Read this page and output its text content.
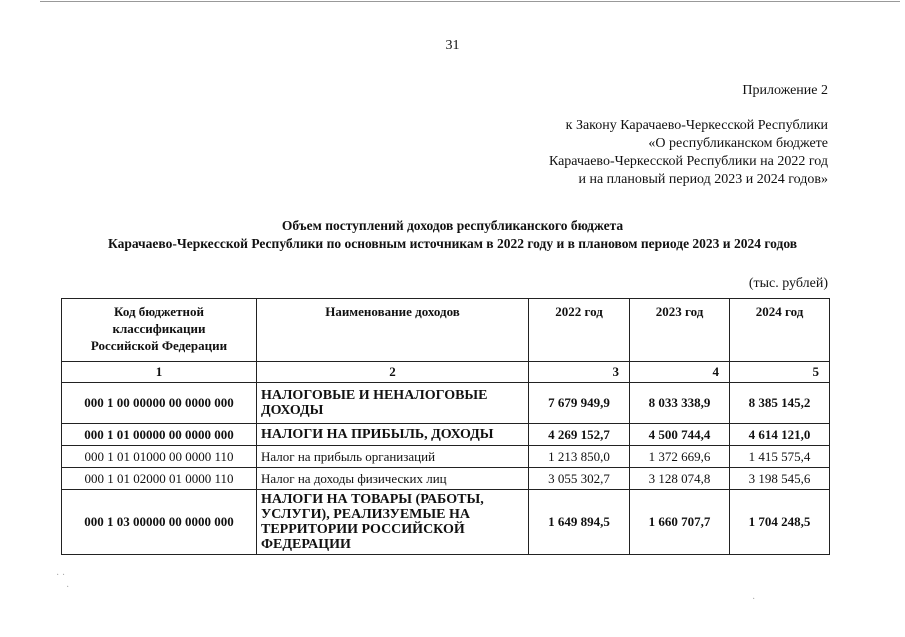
31
Приложение 2
к Закону Карачаево-Черкесской Республики
«О республиканском бюджете
Карачаево-Черкесской Республики на 2022 год
и на плановый период 2023 и 2024 годов»
Объем поступлений доходов республиканского бюджета
Карачаево-Черкесской Республики по основным источникам в 2022 году и в плановом периоде 2023 и 2024 годов
(тыс. рублей)
Код бюджетной классификации Российской Федерации	Наименование доходов	2022 год	2023 год	2024 год
1	2	3	4	5
000 1 00 00000 00 0000 000	НАЛОГОВЫЕ И НЕНАЛОГОВЫЕ ДОХОДЫ	7 679 949,9	8 033 338,9	8 385 145,2
000 1 01 00000 00 0000 000	НАЛОГИ НА ПРИБЫЛЬ, ДОХОДЫ	4 269 152,7	4 500 744,4	4 614 121,0
000 1 01 01000 00 0000 110	Налог на прибыль организаций	1 213 850,0	1 372 669,6	1 415 575,4
000 1 01 02000 01 0000 110	Налог на доходы физических лиц	3 055 302,7	3 128 074,8	3 198 545,6
000 1 03 00000 00 0000 000	НАЛОГИ НА ТОВАРЫ (РАБОТЫ, УСЛУГИ), РЕАЛИЗУЕМЫЕ НА ТЕРРИТОРИИ РОССИЙСКОЙ ФЕДЕРАЦИИ	1 649 894,5	1 660 707,7	1 704 248,5
· ·
·
·
